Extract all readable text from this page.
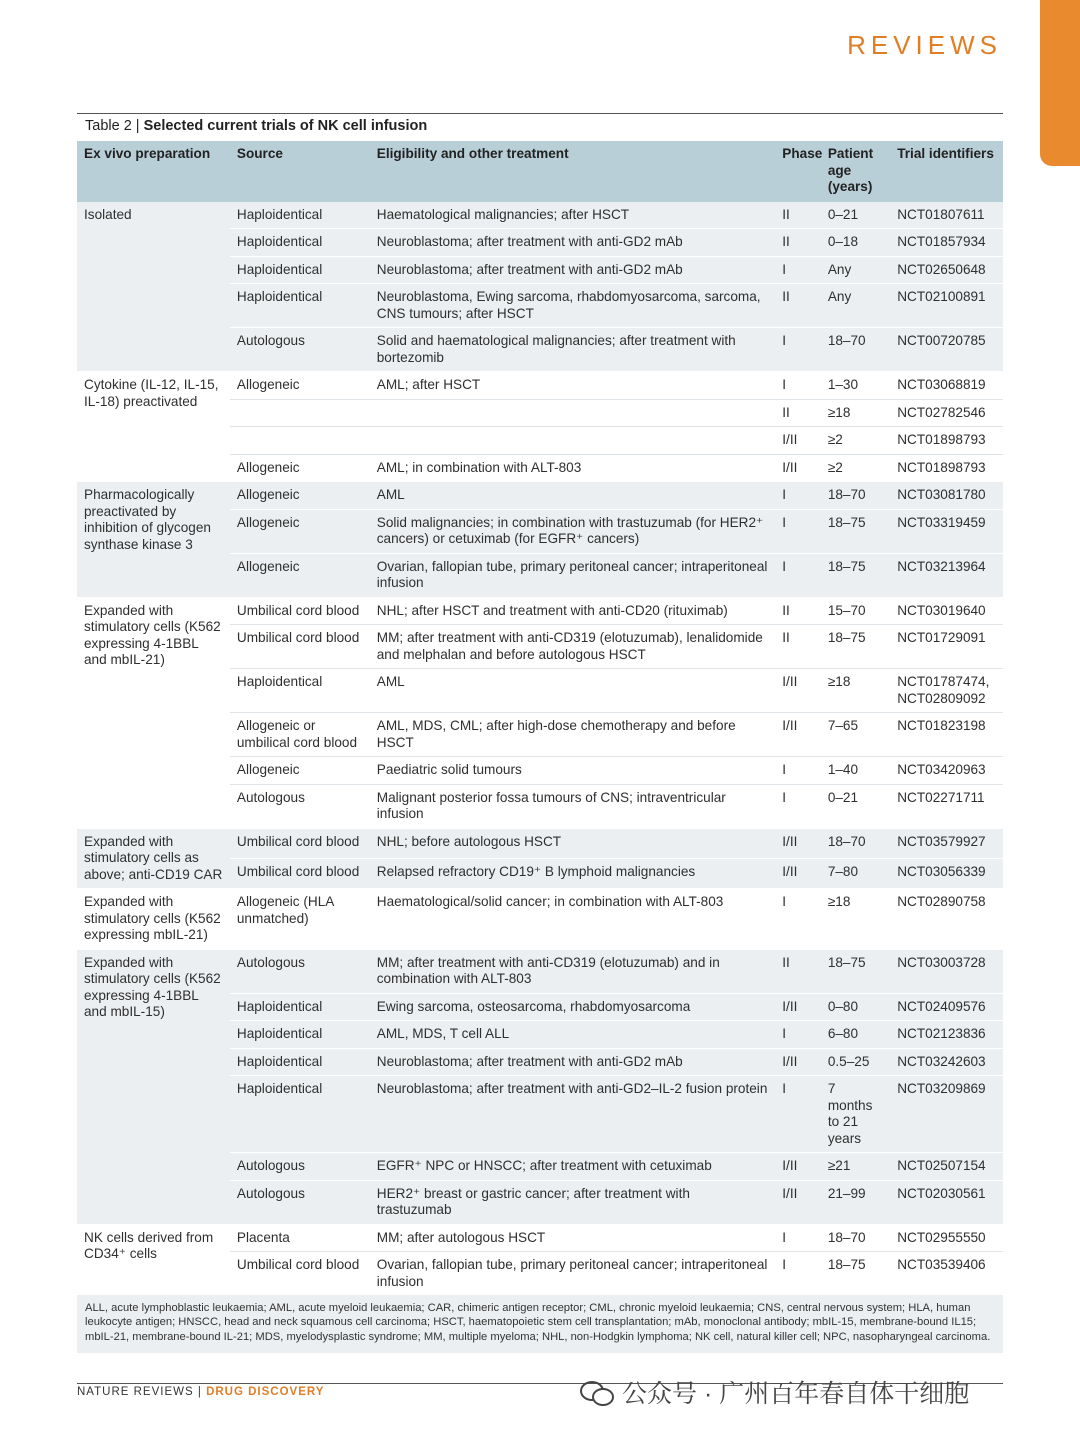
REVIEWS
Table 2 | Selected current trials of NK cell infusion
Ex vivo preparation	Source	Eligibility and other treatment	Phase	Patient age (years)	Trial identifiers
Isolated	Haploidentical	Haematological malignancies; after HSCT	II	0–21	NCT01807611
	Haploidentical	Neuroblastoma; after treatment with anti-GD2 mAb	II	0–18	NCT01857934
	Haploidentical	Neuroblastoma; after treatment with anti-GD2 mAb	I	Any	NCT02650648
	Haploidentical	Neuroblastoma, Ewing sarcoma, rhabdomyosarcoma, sarcoma, CNS tumours; after HSCT	II	Any	NCT02100891
	Autologous	Solid and haematological malignancies; after treatment with bortezomib	I	18–70	NCT00720785
Cytokine (IL-12, IL-15, IL-18) preactivated	Allogeneic	AML; after HSCT	I	1–30	NCT03068819
			II	≥18	NCT02782546
			I/II	≥2	NCT01898793
	Allogeneic	AML; in combination with ALT-803	I/II	≥2	NCT01898793
Pharmacologically preactivated by inhibition of glycogen synthase kinase 3	Allogeneic	AML	I	18–70	NCT03081780
	Allogeneic	Solid malignancies; in combination with trastuzumab (for HER2⁺ cancers) or cetuximab (for EGFR⁺ cancers)	I	18–75	NCT03319459
	Allogeneic	Ovarian, fallopian tube, primary peritoneal cancer; intraperitoneal infusion	I	18–75	NCT03213964
Expanded with stimulatory cells (K562 expressing 4-1BBL and mbIL-21)	Umbilical cord blood	NHL; after HSCT and treatment with anti-CD20 (rituximab)	II	15–70	NCT03019640
	Umbilical cord blood	MM; after treatment with anti-CD319 (elotuzumab), lenalidomide and melphalan and before autologous HSCT	II	18–75	NCT01729091
	Haploidentical	AML	I/II	≥18	NCT01787474, NCT02809092
	Allogeneic or umbilical cord blood	AML, MDS, CML; after high-dose chemotherapy and before HSCT	I/II	7–65	NCT01823198
	Allogeneic	Paediatric solid tumours	I	1–40	NCT03420963
	Autologous	Malignant posterior fossa tumours of CNS; intraventricular infusion	I	0–21	NCT02271711
Expanded with stimulatory cells as above; anti-CD19 CAR	Umbilical cord blood	NHL; before autologous HSCT	I/II	18–70	NCT03579927
	Umbilical cord blood	Relapsed refractory CD19⁺ B lymphoid malignancies	I/II	7–80	NCT03056339
Expanded with stimulatory cells (K562 expressing mbIL-21)	Allogeneic (HLA unmatched)	Haematological/solid cancer; in combination with ALT-803	I	≥18	NCT02890758
Expanded with stimulatory cells (K562 expressing 4-1BBL and mbIL-15)	Autologous	MM; after treatment with anti-CD319 (elotuzumab) and in combination with ALT-803	II	18–75	NCT03003728
	Haploidentical	Ewing sarcoma, osteosarcoma, rhabdomyosarcoma	I/II	0–80	NCT02409576
	Haploidentical	AML, MDS, T cell ALL	I	6–80	NCT02123836
	Haploidentical	Neuroblastoma; after treatment with anti-GD2 mAb	I/II	0.5–25	NCT03242603
	Haploidentical	Neuroblastoma; after treatment with anti-GD2–IL-2 fusion protein	I	7 months to 21 years	NCT03209869
	Autologous	EGFR⁺ NPC or HNSCC; after treatment with cetuximab	I/II	≥21	NCT02507154
	Autologous	HER2⁺ breast or gastric cancer; after treatment with trastuzumab	I/II	21–99	NCT02030561
NK cells derived from CD34⁺ cells	Placenta	MM; after autologous HSCT	I	18–70	NCT02955550
	Umbilical cord blood	Ovarian, fallopian tube, primary peritoneal cancer; intraperitoneal infusion	I	18–75	NCT03539406
ALL, acute lymphoblastic leukaemia; AML, acute myeloid leukaemia; CAR, chimeric antigen receptor; CML, chronic myeloid leukaemia; CNS, central nervous system; HLA, human leukocyte antigen; HNSCC, head and neck squamous cell carcinoma; HSCT, haematopoietic stem cell transplantation; mAb, monoclonal antibody; mbIL-15, membrane-bound IL15; mbIL-21, membrane-bound IL-21; MDS, myelodysplastic syndrome; MM, multiple myeloma; NHL, non-Hodgkin lymphoma; NK cell, natural killer cell; NPC, nasopharyngeal carcinoma.
NATURE REVIEWS | DRUG DISCOVERY	公众号 · 广州百年春自体干细胞
